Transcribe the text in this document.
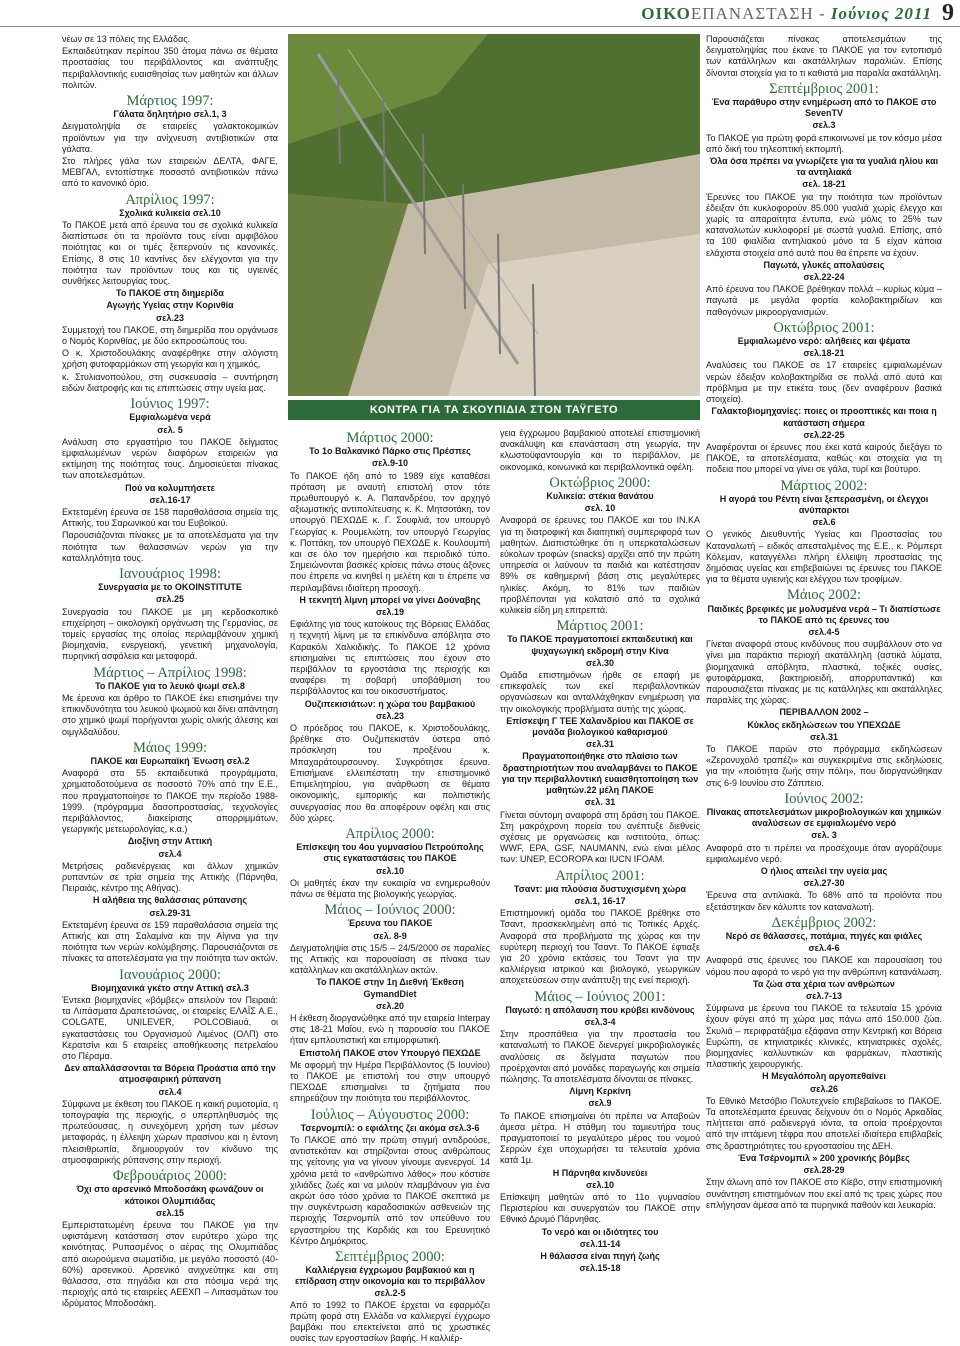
ΟΙΚΟΕΠΑΝΑΣΤΑΣΗ - Ιούνιος 2011 9

νέων σε 13 πόλεις της Ελλάδας.

Εκπαιδεύτηκαν περίπου 350 άτομα πάνω σε θέματα προστασίας του περιβάλλοντος και ανάπτυξης περιβαλλοντικής ευαισθησίας των μαθητών και άλλων πολιτών.

Μάρτιος 1997:

Γάλατα δηλητήριο σελ.1, 3

Δειγματοληψία σε εταιρείες γαλακτοκομικών προϊόντων για την ανίχνευση αντιβιοτικών στα γάλατα.

Στο πλήρες γάλα των εταιρειών ΔΕΛΤΑ, ΦΑΓΕ, ΜΕΒΓΑΛ, εντοπίστηκε ποσοστό αντιβιοτικών πάνω από το κανονικό όριο.

Απρίλιος 1997:

Σχολικά κυλικεία σελ.10

Το ΠΑΚΟΕ μετά από έρευνα του σε σχολικά κυλικεία διαπίστωσε ότι τα προϊόντα τους είναι αμφιβόλου ποιότητας και οι τιμές ξεπερνούν τις κανονικές. Επίσης, 8 στις 10 καντίνες δεν ελέγχονται για την ποιότητα των προϊόντων τους και τις υγιεινές συνθήκες λειτουργίας τους.

Το ΠΑΚΟΕ στη διημερίδα

Αγωγής Υγείας στην Κορινθία

σελ.23

Συμμετοχή του ΠΑΚΟΕ, στη διημερίδα που οργάνωσε ο Νομός Κορινθίας, με δύο εκπροσώπους του.

Ο κ. Χριστοδουλάκης αναφέρθηκε στην αλόγιστη χρήση φυτοφαρμάκων στη γεωργία και η χημικός,

κ. Στυλιανοπούλου, στη συσκευασία – συντήρηση ειδών διατροφής και τις επιπτώσεις στην υγεία μας.

Ιούνιος 1997:

Εμφιαλωμένα νερά

σελ. 5

Ανάλυση στο εργαστήριο του ΠΑΚΟΕ δείγματος εμφιαλωμένων νερών διαφόρων εταιρειών για εκτίμηση της ποιότητας τους. Δημοσιεύεται πίνακας των αποτελεσμάτων.

Πού να κολυμπήσετε

σελ.16-17

Εκτεταμένη έρευνα σε 158 παραθαλάσσια σημεία της Αττικής, του Σαρωνικού και του Ευβοϊκού.

Παρουσιάζονται πίνακες με τα αποτελέσματα για την ποιότητα των θαλασσινών νερών για την καταλληλότητα τους.

Ιανουάριος 1998:

Συνεργασία με το OKOINSTITUTE

σελ.25

Συνεργασία του ΠΑΚΟΕ με μη κερδοσκοπικό επιχείρηση – οικολογική οργάνωση της Γερμανίας, σε τομείς εργασίας της οποίας περιλαμβάνουν χημική βιομηχανία, ενεργειακή, γενετική μηχανολογία, πυρηνική ασφάλεια και μεταφορά.

Μάρτιος – Απρίλιος 1998:

Το ΠΑΚΟΕ για το λευκό ψωμί σελ.8

Με έρευνα και άρθρο το ΠΑΚΟΕ έκει επισημάνει την επικινδυνότητα του λευκού ψωμιού και δίνει απάντηση στο χημικό ψωμί πορήγονται χωρίς ολικής άλεσης και οιμγλδαλύδου.

Μάιος 1999:

ΠΑΚΟΕ και Ευρωπαϊκή Ένωση σελ.2

Αναφορά στα 55 εκπαιδευτικά προγράμματα, χρηματοδοτούμενα σε ποσοστό 70% από την Ε.Ε., που πραγματοποίησε το ΠΑΚΟΕ την περίοδο 1988-1999. (πρόγραμμα δασοπροστασίας, τεχνολογίες περιβάλλοντος, διακείρισης απορριμμάτων, γεωργικής μετεωρολογίας, κ.α.)

Διοξίνη στην Αττική

σελ.4

Μετρήσεις ραδιενέργειας και άλλων χημικών ρυπαντών σε τρία σημεία της Αττικής (Πάρνηθα, Πειραιάς, κέντρο της Αθήνας).

Η αλήθεια της θαλάσσιας ρύπανσης

σελ.29-31

Εκτεταμένη έρευνα σε 159 παραθαλάσσια σημεία της Αττικής και στη Σαλαμίνα και την Αίγινα για την ποιότητα των νερών κολύμβησης. Παρουσιάζονται σε πίνακες τα αποτελέσματα για την ποιότητα των ακτών.

Ιανουάριος 2000:

Βιομηχανικά γκέτο στην Αττική σελ.3

Έντεκα βιομηχανίες «βόμβες» απειλούν τον Πειραιά: τα Λιπάσματα Δραπετσώνας, οι εταιρείες ΕΛΑΪΣ Α.Ε., COLGATE, UNILEVER, POLCOBiaυά, οι εγκαταστάσεις του Οργανισμού Λιμένος (ΟΛΠ) στο Κερατσίνι και 5 εταιρείες αποθήκευσης πετρελαίου στο Πέραμα.

Δεν απαλλάσσονται τα Βόρεια Προάστια από την ατμοσφαιρική ρύπανση

σελ.4

Σύμφωνα με έκθεση του ΠΑΚΟΕ η καική ρυμοτομία, η τοπογραφία της περιοχής, ο υπερπληθυσμός της πρωτεύουσας, η συνεχόμενη χρήση των μέσων μεταφοράς, η έλλειψη χώρων πρασίνου και η έντονη πλεισιθρωπία, δημιουργούν τον κίνδυνο της ατμοσφαιρικής ρύπανσης στην περιοχή.

Φεβρουάριος 2000:

Όχι στο αρσενικό Μποδοσάκη φωνάζουν οι κάτοικοι Ολυμπιάδας

σελ.15

Εμπεριστατωμένη έρευνα του ΠΑΚΟΕ για την υφιστάμενη κατάσταση στον ευρύτερο χώρο της κοινότητας. Ρυπασμένος ο αέρας της Ολυμπιάδας από αιωρούμενα σωματίδια, με μεγάλο ποσοστό (40-60%) αρσενικού. Αρσενικό ανιχνεύτηκε και στη θάλασσα, στα πηγάδια και στα πόσιμα νερά της περιοχής από τις εταιρείες ΑΕΕΧΠ – Λιπασμάτων του ιδρύματος Μποδοσάκη.

ΚΟΝΤΡΑ ΓΙΑ ΤΑ ΣΚΟΥΠΙΔΙΑ ΣΤΟΝ ΤΑΫΓΕΤΟ
Μάρτιος 2000:

Το 1ο Βαλκανικό Πάρκο στις Πρέσπες

σελ.9-10

Το ΠΑΚΟΕ ήδη από το 1989 είχε καταθέσει πρόταση με αναυτή επιστολή στον τότε πρωθυπουργό κ. Α. Παπανδρέου, τον αρχηγό αξιωματικής αντιπολίτευσης κ. Κ. Μητσοτάκη, τον υπουργό ΠΕΧΩΔΕ κ. Γ. Σουφλιά, τον υπουργό Γεωργίας κ. Ρουμελιώτη, τον υπουργό Γεωργίας κ. Ποττάκη, τον υπουργό ΠΕΧΩΔΕ κ. Κουλουμπή και σε όλο τον ημερήσιο και περιοδικό τύπο. Σημειώνονται βασικές κρίσεις πάνω στους άξονες που έπρεπε να κινηθεί η μελέτη και τι έπρεπε να περιλαμβάνει ιδιαίτερη προσοχή.

Η τεκνητή λίμνη μπορεί να γίνει Δούναβης

σελ.19

Εφιάλτης για τους κατοίκους της Βόρειας Ελλάδας η τεχνητή λίμνη με τα επικίνδυνα απόβλητα στο Καρακόλι Χαλκιδικής. Το ΠΑΚΟΕ 12 χρόνια επισημαίνει τις επιπτώσεις που έχουν στο περιβάλλον τα εργοστάσια της περιοχής και αναφέρει τη σοβαρή υποβάθμιση του περιβάλλοντος και του οικοσυστήματος.

Ουζιπεκισιάτων: η χώρα του βαμβακιού

σελ.23

Ο πρόεδρος του ΠΑΚΟΕ, κ. Χριστοδουλάκης, βρέθηκε στο Ουζμπεκιστάν ύστερα από πρόσκληση του προξένου κ. Μπαχαράτουρσουνογ. Συγκρότησε έρευνα. Επισήμανε ελλειπέστατη την επιστημονικό Επιμελητηρίου, για ανάρθωση σε θέματα οικονομικής, εμπορικής και πολιτιστικής συνεργασίας που θα αποφέρουν οφέλη και στις δύο χώρες.

Απρίλιος 2000:

Επίσκεψη του 4ου γυμνασίου Πετρούπολης στις εγκαταστάσεις του ΠΑΚΟΕ

σελ.10

Οι μαθητές έκαν την ευκαιρία να ενημερωθούν πάνω σε θέματα της βιολογικής γεωργίας.

Μάιος – Ιούνιος 2000:

Έρευνα του ΠΑΚΟΕ

σελ. 8-9

Δειγματοληψία στις 15/5 – 24/5/2000 σε παραλίες της Αττικής και παρουσίαση σε πίνακα των κατάλληλων και ακατάλληλων ακτών.

Το ΠΑΚΟΕ στην 1η Διεθνή Έκθεση GymandDiet

σελ.20

Η έκθεση διοργανώθηκε από την εταιρεία Interpay στις 18-21 Μαΐου, ενώ η παρουσία του ΠΑΚΟΕ ήταν εμπλουτιστική και επιμορφωτική.

Επιστολή ΠΑΚΟΕ στον Υπουργό ΠΕΧΩΔΕ

Με αφορμή την Ημέρα Περιβάλλοντος (5 Ιουνίου) το ΠΑΚΟΕ με επιστολή του στην υπουργό ΠΕΧΩΔΕ επισημαίνει τα ζητήματα που επηρεάζουν την ποιότητα του περιβάλλοντος.

Ιούλιος – Αύγουστος 2000:

Τσερνομπίλ: ο εφιάλτης ζει ακόμα σελ.3-6

Το ΠΑΚΟΕ από την πρώτη στιγμή αντιδρούσε, αντιστεκόταν και στηρίζονται στους ανθρώπους της γείτονης για να γίνουν γίνουμε ανενεργοί. 14 χρόνια μετά το «ανθρώπινο λάθος» που κόστισε χιλιάδες ζωές και να μιλούν πλαμβάνουν για ένα ακρώτ όσο τόσο χρόνια το ΠΑΚΟΕ σκεπτικά με την συγκέντρωση καραδοσιακών ασθενειών της περιοχής Τσερνομπίλ από τον υπεύθυνο του εργαστηρίου της Καρδιάς και του Ερευνητικό Κέντρο Δημόκριτος.

Σεπτέμβριος 2000:

Καλλιέργεια έγχρωμου βαμβακιού και η επίδραση στην οικονομία και το περιβάλλον σελ.2-5

Από το 1992 το ΠΑΚΟΕ έρχεται να εφαρμόζει πρώτη φορά στη Ελλάδα να καλλιεργεί έγχρωμο βαμβάκι που επεκτείνεται από τις χρωστικές ουσίες των εργοστασίων βαφής. Η καλλιέρ-

γεια έγχρωμου βαμβακιού αποτελεί επιστημονική ανακάλυψη και επανάσταση στη γεωργία, την κλωστοϋφαντουργία και το περιβάλλον, με οικονομικά, κοινωνικά και περιβαλλοντικά οφέλη.

Οκτώβριος 2000:

Κυλικεία: στέκια θανάτου

σελ. 10

Αναφορά σε έρευνες του ΠΑΚΟΕ και του ΙΝ.ΚΑ για τη διατροφική και διαιτητική συμπεριφορά των μαθητών. Διαπιστώθηκε ότι η υπερκαταλώσεων εύκολων τροφών (snacks) αρχίζει από την πρώτη υπηρεσία οι λαύνουν τα παιδιά και κατέστησαν 89% σε καθημερινή βάση στις μεγαλύτερες ηλικίες. Ακόμη, το 81% των παιδιών προβλέπονται για κολατσιό από τα σχολικά κυλικεία είδη μη επιτρεπτά.

Μάρτιος 2001:

Το ΠΑΚΟΕ πραγματοποιεί εκπαιδευτική και ψυχαγωγική εκδρομή στην Κίνα

σελ.30

Ομάδα επιστημόνων ήρθε σε επαφή με επικεφαλείς των εκεί περιβαλλοντικών οργανώσεων και ανταλλάχθηκαν ενημέρωση για την οικολογικής προβλήματα αυτής της χώρας.

Επίσκεψη Γ ΤΕΕ Χαλανδρίου και ΠΑΚΟΕ σε μονάδα βιολογικού καθαρισμού

σελ.31

Πραγματοποιήθηκε στο πλαίσιο των δραστηριοτήτων που αναλαμβάνει το ΠΑΚΟΕ για την περιβαλλοντική ευαισθητοποίηση των μαθητών.22 μέλη ΠΑΚΟΕ

σελ. 31

Γίνεται σύντομη αναφορά στη δράση του ΠΑΚΟΕ. Στη μακρόχρονη πορεία του ανέπτυξε διεθνείς σχέσεις με οργανώσεις και ινστιτούτα, όπως: WWF, EPA, GSF, NAUMANN, ενώ είναι μέλος των: UNEP, ECOROPA και IUCN IFOAM.

Απρίλιος 2001:

Τσαντ: μια πλούσια δυστυχισμένη χώρα

σελ.1, 16-17

Επιστημονική ομάδα του ΠΑΚΟΕ βρέθηκε στο Τσαντ, προσκεκλημένη από τις Τοπικές Αρχές. Αναφορά στα προβλήματα της χώρας και την ευρύτερη περιοχή του Τσαντ. Το ΠΑΚΟΕ έφτιαξε για 20 χρόνια εκτάσεις του Τσαντ για την καλλιέργεια ιατρικού και βιολογικό, γεωργικών αποχετεύσεων στην ανάπτυξη της ενεί περιοχή.

Μάιος – Ιούνιος 2001:

Παγωτό: η απόλαυση που κρύβει κινδύνους

σελ.3-4

Στην προσπάθεια για την προστασία του καταναλωτή το ΠΑΚΟΕ διενεργεί μικροβιολογικές αναλύσεις σε δείγματα παγωτών που προέρχονται από μονάδες παραγωγής και σημεία πώλησης. Τα αποτελέσματα δίνονται σε πίνακες.

Λίμνη Κερκίνη

σελ.9

Το ΠΑΚΟΕ επισημαίνει ότι πρέπει να Απαβοών άμεσα μέτρα. Η στάθμη του ταμιευτήρα τους πραγματοποιεί το μεγαλύτερο μέρος του νομού Σερρών έχει υποχωρήσει τα τελευταία χρόνια κατά 1μ.

Η Πάρνηθα κινδυνεύει

σελ.10

Επίσκεψη μαθητών από το 11ο γυμνασίου Περιστερίου και συνεργατών του ΠΑΚΟΕ στην Εθνικό Δρυμό Πάρνηθας.

Το νερό και οι ιδιότητες του

σελ.11-14

Η θάλασσα είναι πηγή ζωής

σελ.15-18

Παρουσιάζεται πίνακας αποτελεσμάτων της δειγματοληψίας που έκανε το ΠΑΚΟΕ για τον εντοπισμό των κατάλληλων και ακατάλληλων παραλιών. Επίσης δίνονται στοιχεία για το τι καθιστά μια παραλία ακατάλληλη.

Σεπτέμβριος 2001:

Ένα παράθυρο στην ενημέρωση από το ΠΑΚΟΕ στο SevenTV

σελ.3

Το ΠΑΚΟΕ για πρώτη φορά επικοινωνεί με τον κόσμο μέσα από δική του τηλεοπτική εκπομπή.

Όλα όσα πρέπει να γνωρίζετε για τα γυαλιά ηλίου και τα αντηλιακά

σελ. 18-21

Έρευνες του ΠΑΚΟΕ για την ποιότητα των προϊόντων έδειξαν ότι κυκλοφορούν 85.000 γυαλιά χωρίς έλεγχο και χωρίς τα απαραίτητα έντυπα, ενώ μόλις το 25% των καταναλωτών κυκλοφορεί με σωστά γυαλιά. Επίσης, από τα 100 φιαλίδια αντηλιακού μόνο τα 5 είχαν κάποια ελάχιστα στοιχεία από αυτά που θα έπρεπε να έχουν.

Παγωτά, γλυκές απολαύσεις

σελ.22-24

Από έρευνα του ΠΑΚΟΕ βρέθηκαν πολλά – κυρίως κύμα – παγωτά με μεγάλα φορτία κολοβακτηριδίων και παθογόνων μικροοργανισμών.

Οκτώβριος 2001:

Εμφιαλωμένο νερό: αλήθειες και ψέματα

σελ.18-21

Αναλύσεις του ΠΑΚΟΕ σε 17 εταιρείες εμφιαλωμένων νερών έδειξαν κολοβακτηρίδια σε πολλά από αυτά και πρόβλημα με την ετικέτα τους (δεν αναφέρουν βασικά στοιχεία).

Γαλακτοβιομηχανίες: ποιες οι προοπτικές και ποια η κατάσταση σήμερα

σελ.22-25

Αναφέρονται οι έρευνες που έκει κατά καιρούς διεξάγει το ΠΑΚΟΕ, τα αποτελέσματα, καθώς και στοιχεία για τη ποδεια που μπορεί να γίνει σε γάλα, τυρί και βούτυρο.

Μάρτιος 2002:

Η αγορά του Ρέντη είναι ξεπερασμένη, οι έλεγχοι ανύπαρκτοι

σελ.6

Ο γενικός Διευθυντής Υγείας και Προστασίας του Καταναλωτή – ειδικός απεσταλμένος της Ε.Ε., κ. Ρόμπερτ Κόλεμαν, καταγγέλλει πλήρη έλλειψη προστασίας της δημόσιας υγείας και επιβεβαιώνει τις έρευνες του ΠΑΚΟΕ για τα θέματα υγιεινής και ελέγχου των τροφίμων.

Μάιος 2002:

Παιδικές βρεφικές με μολυσμένα νερά – Τι διαπίστωσε το ΠΑΚΟΕ από τις έρευνες του

σελ.4-5

Γίνεται αναφορά στους κινδύνους που συμβάλλουν στο να γίνει μια παράκτια περιοχή ακατάλληλη (αστικά λύματα, βιομηχανικά απόβλητα, πλαστικά, τοξικές ουσίες, φυτοφάρμακα, βακτηριοειδή, απορρυπαντικά) και παρουσιάζεται πίνακας με τις κατάλληλες και ακατάλληλες παραλίες της χώρας.

ΠΕΡΙΒΑΛΛΟΝ 2002 –

Κύκλος εκδηλώσεων του ΥΠΕΧΩΔΕ

σελ.31

Το ΠΑΚΟΕ παρών στο πρόγραμμα εκδηλώσεων «Ζερονυχολό τραπέζι» και συγκεκριμένα στις εκδηλώσεις για την «ποιότητα ζωής στην πόλη», που διοργανώθηκαν στις 6-9 Ιουνίου στο Ζάππειο.

Ιούνιος 2002:

Πίνακας αποτελεσμάτων μικροβιολογικών και χημικών αναλύσεων σε εμφιαλωμένο νερό

σελ. 3

Αναφορά στο τι πρέπει να προσέχουμε όταν αγοράζουμε εμφιαλωμένο νερό.

Ο ήλιος απειλεί την υγεία μας

σελ.27-30

Έρευνα στα αντιλιακά. Το 68% από τα προϊόντα που εξετάστηκαν δεν κάλυπτε τον καταναλωτή.

Δεκέμβριος 2002:

Νερό σε θάλασσες, ποτάμια, πηγές και φιάλες

σελ.4-6

Αναφορά στις έρευνες του ΠΑΚΟΕ και παρουσίαση του νόμου που αφορά το νερό για την ανθρώπινη κατανάλωση.

Τα ζώα στα χέρια των ανθρώπων

σελ.7-13

Σύμφωνα με έρευνα του ΠΑΚΟΕ τα τελευταία 15 χρόνια έχουν φύγει από τη χώρα μας πάνω από 150.000 ζώα. Σκυλιά – περιφρατάξιμα εξάφανα στην Κεντρική και Βόρεια Ευρώπη, σε κτηνιατρικές κλινικές, κτηνιατρικές σχολές, βιομηχανίες καλλυντικών και φαρμάκων, πλαστικής πλαστικής χειρουργικής.

Η Μεγαλόπολη αργοπεθαίνει

σελ.26

Το Εθνικό Μετσόβιο Πολυτεχνείο επιβεβαίωσε το ΠΑΚΟΕ. Τα αποτελέσματα έρευνας δείχνουν ότι ο Νομός Αρκαδίας πλήττεται από ραδιενεργά ιόντα, τα οποία προέρχονται από την ιπτάμενη τέφρα που αποτελεί ιδιαίτερα επιβλαβείς στις δραστηριότητες του εργοστασίου της ΔΕΗ.

Ένα Τσέρνομπιλ » 200 χρονικής βόμβες

σελ.28-29

Στην άλωνη από τον ΠΑΚΟΕ στο Κίεβο, στην επιστημονική συνάντηση επιστημόνων που εκεί από τις τρεις χώρες που επλήγησαν άμεσα από τα πυρηνικά παθούν και λευκαρία.
